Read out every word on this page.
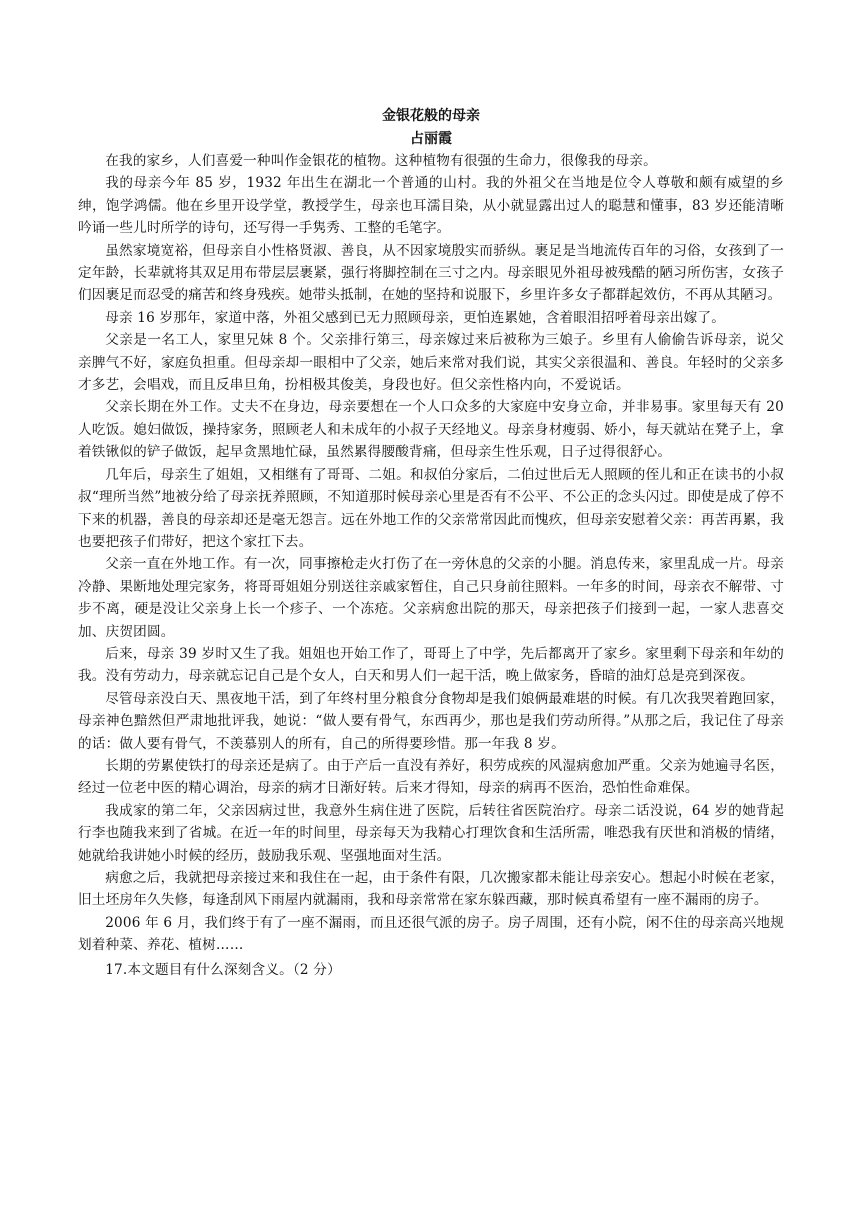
金银花般的母亲
占丽霞

在我的家乡，人们喜爱一种叫作金银花的植物。这种植物有很强的生命力，很像我的母亲。

我的母亲今年 85 岁，1932 年出生在湖北一个普通的山村。我的外祖父在当地是位令人尊敬和颇有威望的乡绅，饱学鸿儒。他在乡里开设学堂，教授学生，母亲也耳濡目染，从小就显露出过人的聪慧和懂事，83 岁还能清晰吟诵一些儿时所学的诗句，还写得一手隽秀、工整的毛笔字。

虽然家境宽裕，但母亲自小性格贤淑、善良，从不因家境殷实而骄纵。裹足是当地流传百年的习俗，女孩到了一定年龄，长辈就将其双足用布带层层裹紧，强行将脚控制在三寸之内。母亲眼见外祖母被残酷的陋习所伤害，女孩子们因裹足而忍受的痛苦和终身残疾。她带头抵制，在她的坚持和说服下，乡里许多女子都群起效仿，不再从其陋习。

母亲 16 岁那年，家道中落，外祖父感到已无力照顾母亲，更怕连累她，含着眼泪招呼着母亲出嫁了。

父亲是一名工人，家里兄妹 8 个。父亲排行第三，母亲嫁过来后被称为三娘子。乡里有人偷偷告诉母亲，说父亲脾气不好，家庭负担重。但母亲却一眼相中了父亲，她后来常对我们说，其实父亲很温和、善良。年轻时的父亲多才多艺，会唱戏，而且反串旦角，扮相极其俊美，身段也好。但父亲性格内向，不爱说话。

父亲长期在外工作。丈夫不在身边，母亲要想在一个人口众多的大家庭中安身立命，并非易事。家里每天有 20 人吃饭。媳妇做饭，操持家务，照顾老人和未成年的小叔子天经地义。母亲身材瘦弱、娇小，每天就站在凳子上，拿着铁锹似的铲子做饭，起早贪黑地忙碌，虽然累得腰酸背痛，但母亲生性乐观，日子过得很舒心。

几年后，母亲生了姐姐，又相继有了哥哥、二姐。和叔伯分家后，二伯过世后无人照顾的侄儿和正在读书的小叔叔“理所当然”地被分给了母亲抚养照顾，不知道那时候母亲心里是否有不公平、不公正的念头闪过。即使是成了停不下来的机器，善良的母亲却还是毫无怨言。远在外地工作的父亲常常因此而愧疚，但母亲安慰着父亲：再苦再累，我也要把孩子们带好，把这个家扛下去。

父亲一直在外地工作。有一次，同事擦枪走火打伤了在一旁休息的父亲的小腿。消息传来，家里乱成一片。母亲冷静、果断地处理完家务，将哥哥姐姐分别送往亲戚家暂住，自己只身前往照料。一年多的时间，母亲衣不解带、寸步不离，硬是没让父亲身上长一个疹子、一个冻疮。父亲病愈出院的那天，母亲把孩子们接到一起，一家人悲喜交加、庆贺团圆。

后来，母亲 39 岁时又生了我。姐姐也开始工作了，哥哥上了中学，先后都离开了家乡。家里剩下母亲和年幼的我。没有劳动力，母亲就忘记自己是个女人，白天和男人们一起干活，晚上做家务，昏暗的油灯总是亮到深夜。

尽管母亲没白天、黑夜地干活，到了年终村里分粮食分食物却是我们娘俩最难堪的时候。有几次我哭着跑回家，母亲神色黯然但严肃地批评我，她说：“做人要有骨气，东西再少，那也是我们劳动所得。”从那之后，我记住了母亲的话：做人要有骨气，不羡慕别人的所有，自己的所得要珍惜。那一年我 8 岁。

长期的劳累使铁打的母亲还是病了。由于产后一直没有养好，积劳成疾的风湿病愈加严重。父亲为她遍寻名医，经过一位老中医的精心调治，母亲的病才日渐好转。后来才得知，母亲的病再不医治，恐怕性命难保。

我成家的第二年，父亲因病过世，我意外生病住进了医院，后转往省医院治疗。母亲二话没说，64 岁的她背起行李也随我来到了省城。在近一年的时间里，母亲每天为我精心打理饮食和生活所需，唯恐我有厌世和消极的情绪，她就给我讲她小时候的经历，鼓励我乐观、坚强地面对生活。

病愈之后，我就把母亲接过来和我住在一起，由于条件有限，几次搬家都未能让母亲安心。想起小时候在老家，旧土坯房年久失修，每逢刮风下雨屋内就漏雨，我和母亲常常在家东躲西藏，那时候真希望有一座不漏雨的房子。

2006 年 6 月，我们终于有了一座不漏雨，而且还很气派的房子。房子周围，还有小院，闲不住的母亲高兴地规划着种菜、养花、植树……

17.本文题目有什么深刻含义。（2 分）
